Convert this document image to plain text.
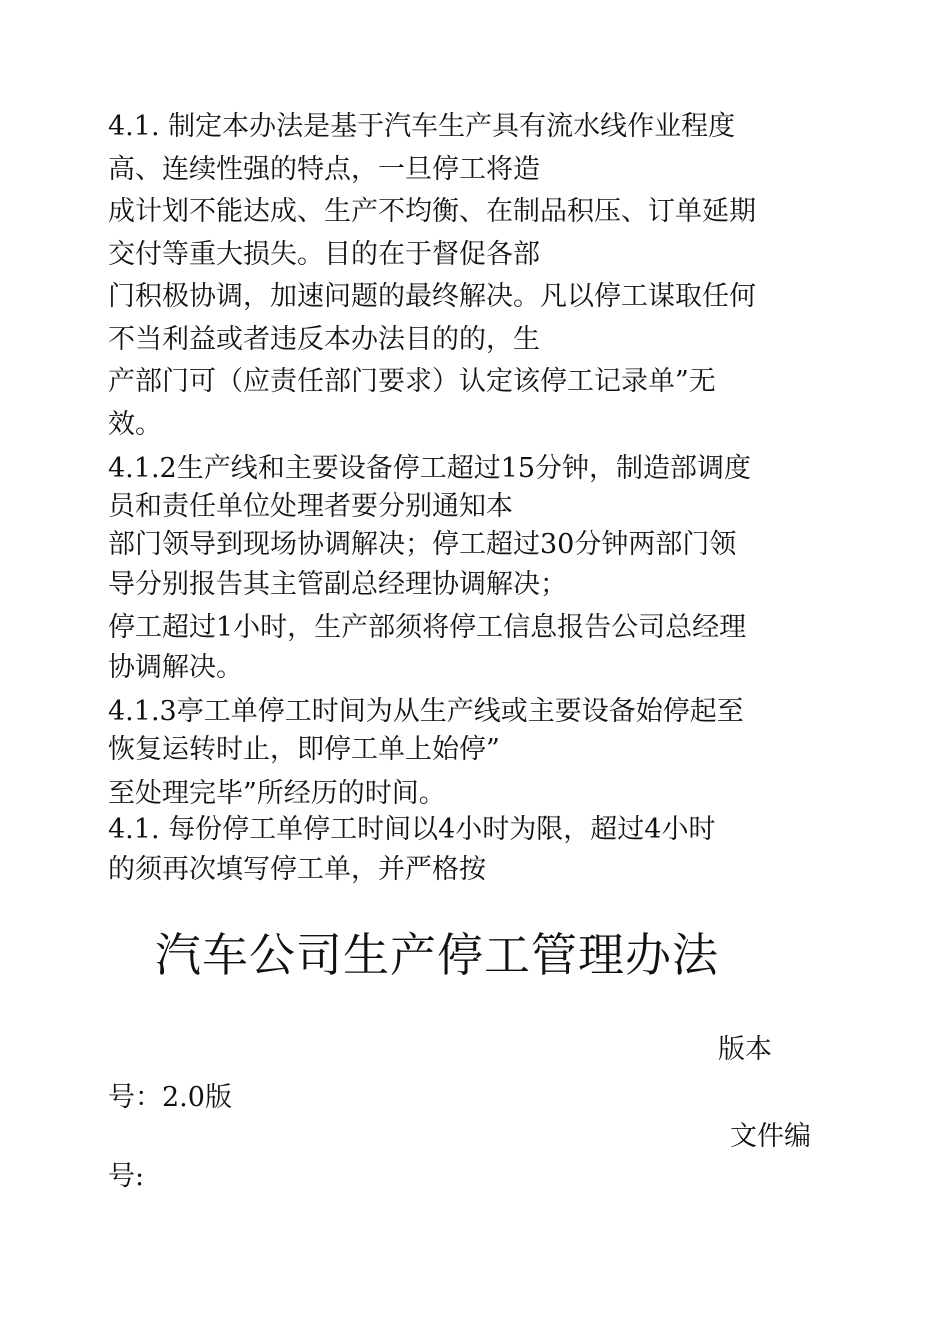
4.1. 制定本办法是基于汽车生产具有流水线作业程度
高、连续性强的特点，一旦停工将造
成计划不能达成、生产不均衡、在制品积压、订单延期
交付等重大损失。目的在于督促各部
门积极协调，加速问题的最终解决。凡以停工谋取任何
不当利益或者违反本办法目的的，生
产部门可（应责任部门要求）认定该停工记录单”无
效。
4.1.2生产线和主要设备停工超过15分钟，制造部调度
员和责任单位处理者要分别通知本
部门领导到现场协调解决；停工超过30分钟两部门领
导分别报告其主管副总经理协调解决；
停工超过1小时，生产部须将停工信息报告公司总经理
协调解决。
4.1.3亭工单停工时间为从生产线或主要设备始停起至
恢复运转时止，即停工单上始停”
至处理完毕”所经历的时间。
4.1. 每份停工单停工时间以4小时为限，超过4小时
的须再次填写停工单，并严格按
汽车公司生产停工管理办法
版本
号：2.0版
文件编
号:
